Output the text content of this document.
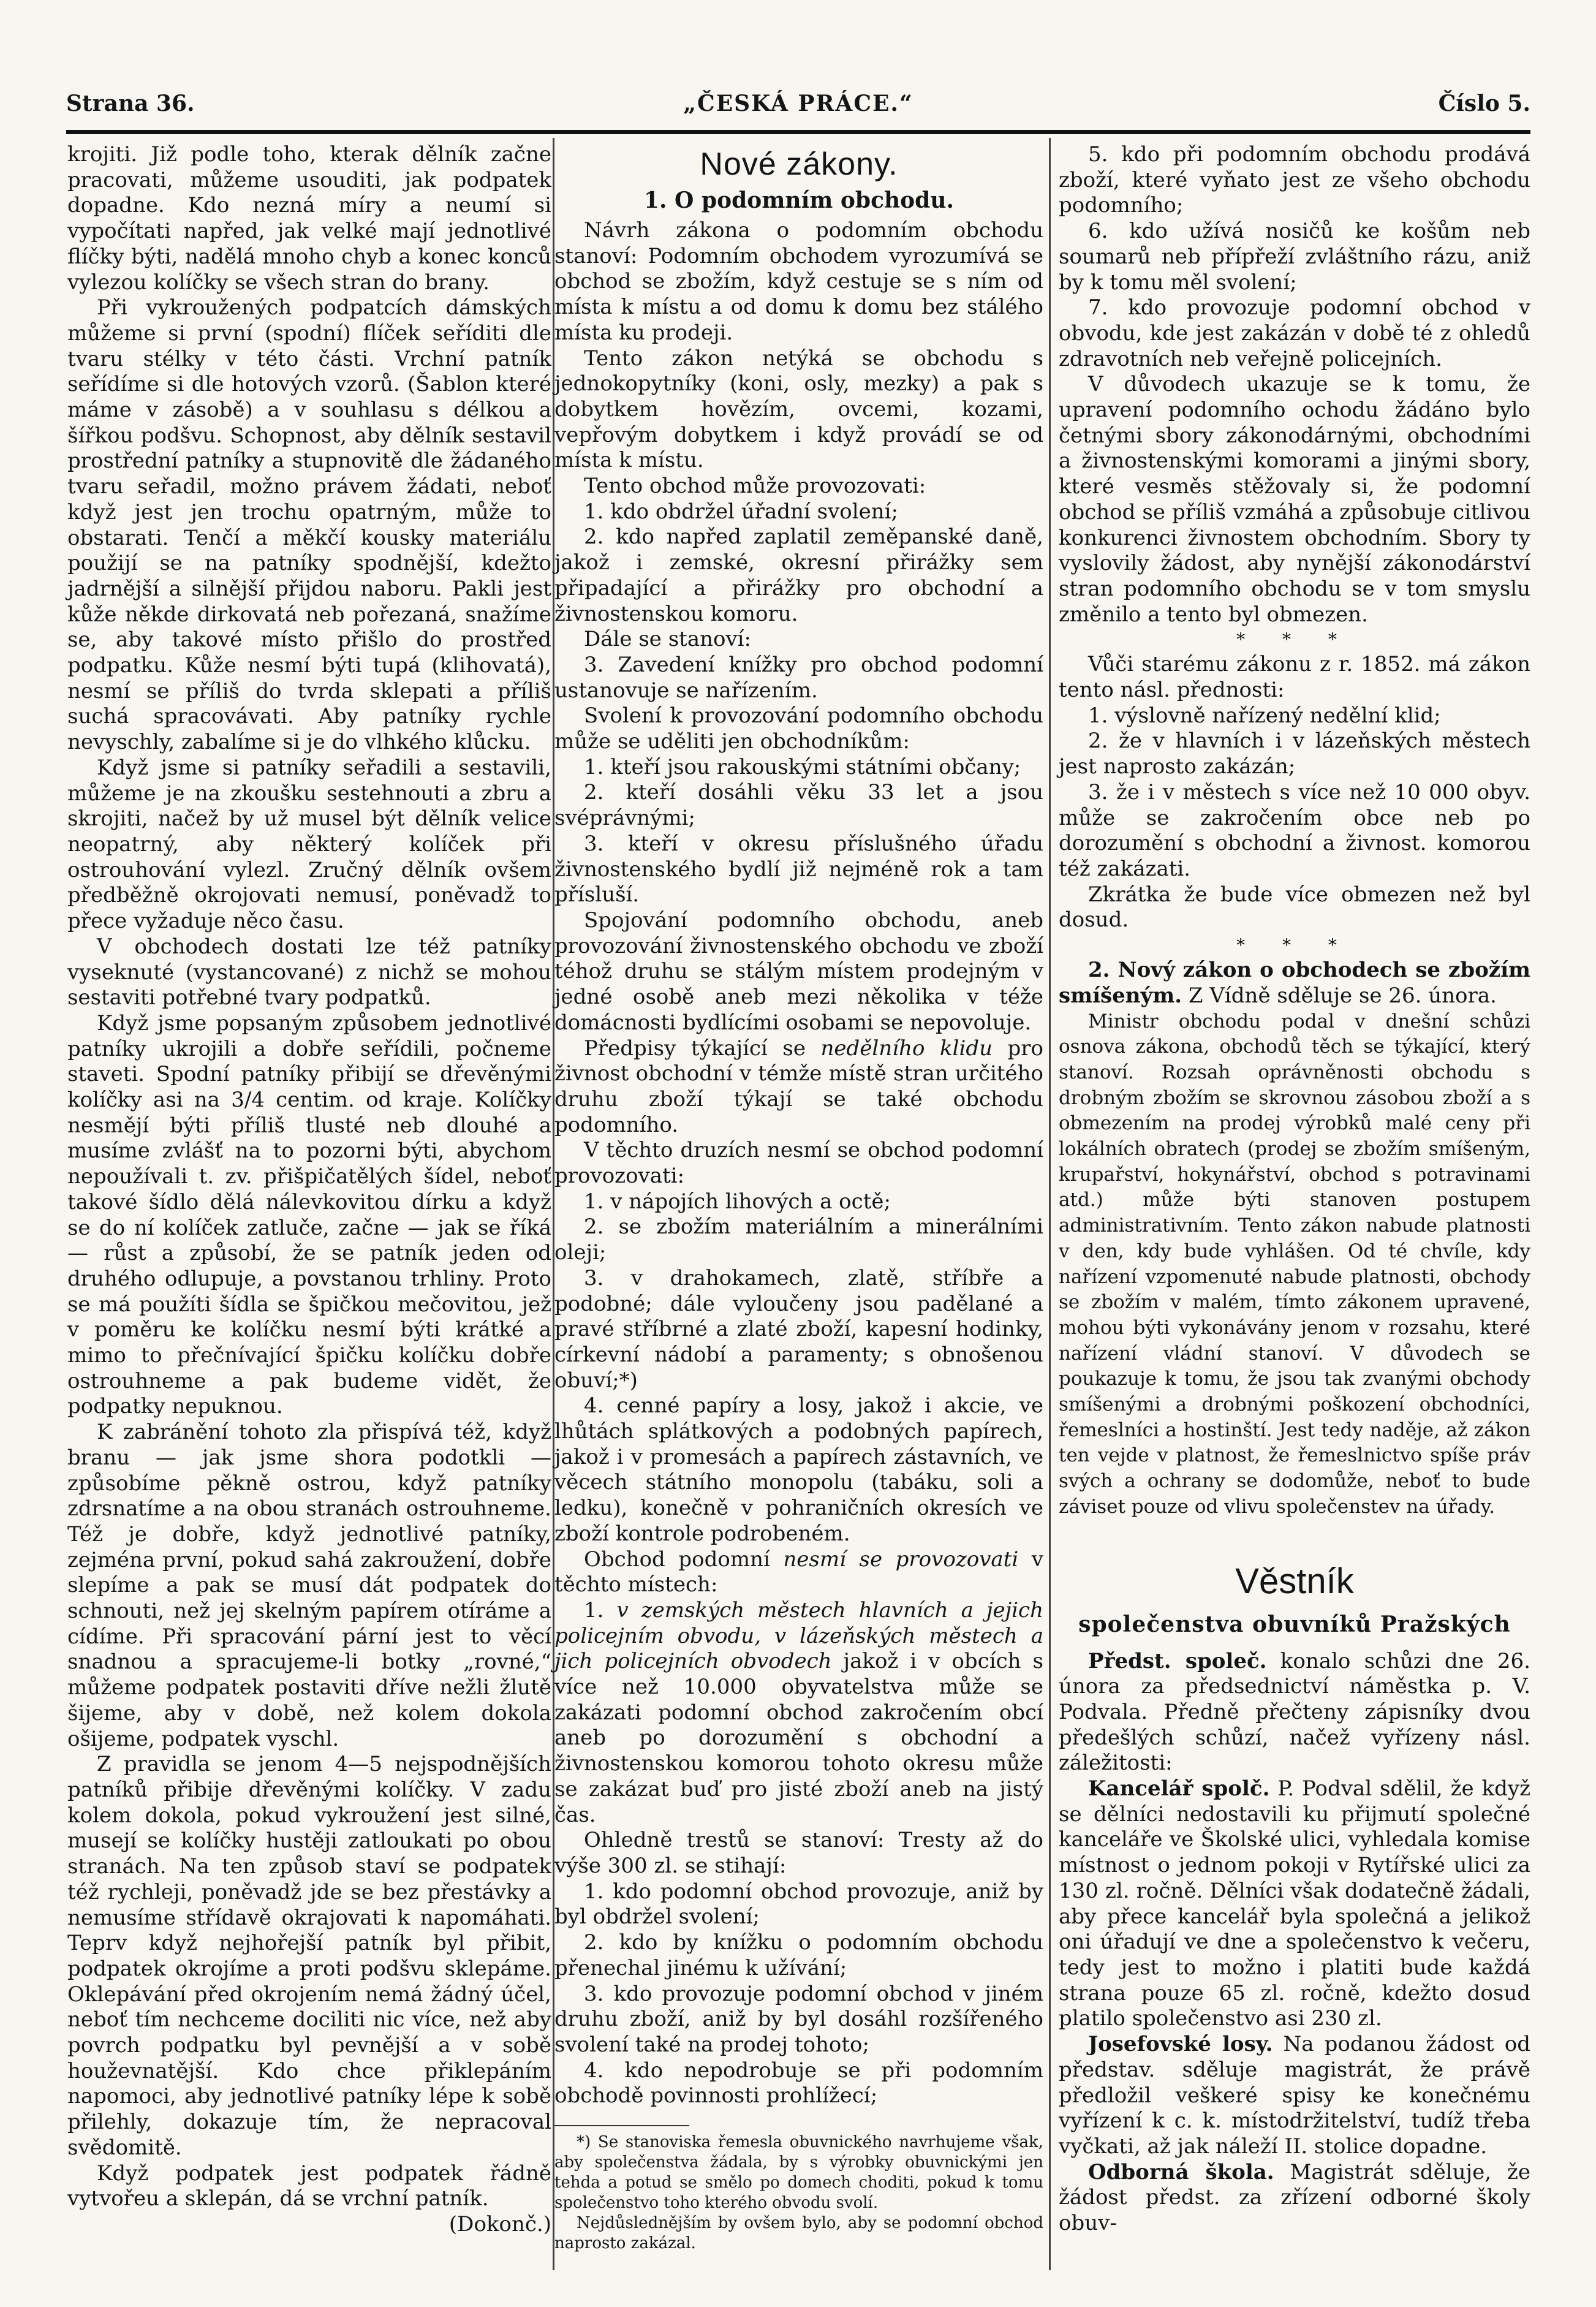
Strana 36.	„ČESKÁ PRÁCE.“	Číslo 5.

krojiti. Již podle toho, kterak dělník začne pracovati, můžeme usouditi, jak podpatek dopadne. Kdo nezná míry a neumí si vypočítati napřed, jak velké mají jednotlivé flíčky býti, nadělá mnoho chyb a konec konců vylezou kolíčky se všech stran do brany.

Při vykroužených podpatcích dámských můžeme si první (spodní) flíček seříditi dle tvaru stélky v této části. Vrchní patník seřídíme si dle hotových vzorů. (Šablon které máme v zásobě) a v souhlasu s délkou a šířkou podšvu. Schopnost, aby dělník sestavil prostřední patníky a stupnovitě dle žádaného tvaru seřadil, možno právem žádati, neboť když jest jen trochu opatrným, může to obstarati. Tenčí a měkčí kousky materiálu použijí se na patníky spodnější, kdežto jadrnější a silnější přijdou naboru. Pakli jest kůže někde dirkovatá neb pořezaná, snažíme se, aby takové místo přišlo do prostřed podpatku. Kůže nesmí býti tupá (klihovatá), nesmí se příliš do tvrda sklepati a příliš suchá spracovávati. Aby patníky rychle nevyschly, zabalíme si je do vlhkého klůcku.

Když jsme si patníky seřadili a sestavili, můžeme je na zkoušku sestehnouti a zbru a skrojiti, načež by už musel být dělník velice neopatrný, aby některý kolíček při ostrouhování vylezl. Zručný dělník ovšem předběžně okrojovati nemusí, poněvadž to přece vyžaduje něco času.

V obchodech dostati lze též patníky vyseknuté (vystancované) z nichž se mohou sestaviti potřebné tvary podpatků.

Když jsme popsaným způsobem jednotlivé patníky ukrojili a dobře seřídili, počneme staveti. Spodní patníky přibijí se dřevěnými kolíčky asi na 3/4 centim. od kraje. Kolíčky nesmějí býti příliš tlusté neb dlouhé a musíme zvlášť na to pozorni býti, abychom nepoužívali t. zv. přišpičatělých šídel, neboť takové šídlo dělá nálevkovitou dírku a když se do ní kolíček zatluče, začne — jak se říká — růst a způsobí, že se patník jeden od druhého odlupuje, a povstanou trhliny. Proto se má použíti šídla se špičkou mečovitou, jež v poměru ke kolíčku nesmí býti krátké a mimo to přečnívající špičku kolíčku dobře ostrouhneme a pak budeme vidět, že podpatky nepuknou.

K zabránění tohoto zla přispívá též, když branu — jak jsme shora podotkli — způsobíme pěkně ostrou, když patníky zdrsnatíme a na obou stranách ostrouhneme. Též je dobře, když jednotlivé patníky, zejména první, pokud sahá zakroužení, dobře slepíme a pak se musí dát podpatek do schnouti, než jej skelným papírem otíráme a cídíme. Při spracování pární jest to věcí snadnou a spracujeme-li botky „rovné,“ můžeme podpatek postaviti dříve nežli žlutě šijeme, aby v době, než kolem dokola ošijeme, podpatek vyschl.

Z pravidla se jenom 4—5 nejspodnějších patníků přibije dřevěnými kolíčky. V zadu kolem dokola, pokud vykroužení jest silné, musejí se kolíčky hustěji zatloukati po obou stranách. Na ten způsob staví se podpatek též rychleji, poněvadž jde se bez přestávky a nemusíme střídavě okrajovati k napomáhati. Teprv když nejhořejší patník byl přibit, podpatek okrojíme a proti podšvu sklepáme. Oklepávání před okrojením nemá žádný účel, neboť tím nechceme dociliti nic více, než aby povrch podpatku byl pevnější a v sobě houževnatější. Kdo chce přiklepáním napomoci, aby jednotlivé patníky lépe k sobě přilehly, dokazuje tím, že nepracoval svědomitě.

Když podpatek jest podpatek řádně vytvořeu a sklepán, dá se vrchní patník.
(Dokonč.)

Nové zákony.
1. O podomním obchodu.

Návrh zákona o podomním obchodu stanoví: Podomním obchodem vyrozumívá se obchod se zbožím, když cestuje se s ním od místa k místu a od domu k domu bez stálého místa ku prodeji.

Tento zákon netýká se obchodu s jednokopytníky (koni, osly, mezky) a pak s dobytkem hovězím, ovcemi, kozami, vepřovým dobytkem i když provádí se od místa k místu.

Tento obchod může provozovati:

1. kdo obdržel úřadní svolení;

2. kdo napřed zaplatil zeměpanské daně, jakož i zemské, okresní přirážky sem připadající a přirážky pro obchodní a živnostenskou komoru.

Dále se stanoví:

3. Zavedení knížky pro obchod podomní ustanovuje se nařízením.

Svolení k provozování podomního obchodu může se uděliti jen obchodníkům:

1. kteří jsou rakouskými státními občany;

2. kteří dosáhli věku 33 let a jsou svéprávnými;

3. kteří v okresu příslušného úřadu živnostenského bydlí již nejméně rok a tam přísluší.

Spojování podomního obchodu, aneb provozování živnostenského obchodu ve zboží téhož druhu se stálým místem prodejným v jedné osobě aneb mezi několika v téže domácnosti bydlícími osobami se nepovoluje.

Předpisy týkající se nedělního klidu pro živnost obchodní v témže místě stran určitého druhu zboží týkají se také obchodu podomního.

V těchto druzích nesmí se obchod podomní provozovati:

1. v nápojích lihových a octě;

2. se zbožím materiálním a minerálními oleji;

3. v drahokamech, zlatě, stříbře a podobné; dále vyloučeny jsou padělané a pravé stříbrné a zlaté zboží, kapesní hodinky, církevní nádobí a paramenty; s obnošenou obuví;*)

4. cenné papíry a losy, jakož i akcie, ve lhůtách splátkových a podobných papírech, jakož i v promesách a papírech zástavních, ve věcech státního monopolu (tabáku, soli a ledku), konečně v pohraničních okresích ve zboží kontrole podrobeném.

Obchod podomní nesmí se provozovati v těchto místech:

1. v zemských městech hlavních a jejich policejním obvodu, v lázeňských městech a jich policejních obvodech jakož i v obcích s více než 10.000 obyvatelstva může se zakázati podomní obchod zakročením obcí aneb po dorozumění s obchodní a živnostenskou komorou tohoto okresu může se zakázat buď pro jisté zboží aneb na jistý čas.

Ohledně trestů se stanoví: Tresty až do výše 300 zl. se stihají:

1. kdo podomní obchod provozuje, aniž by byl obdržel svolení;

2. kdo by knížku o podomním obchodu přenechal jinému k užívání;

3. kdo provozuje podomní obchod v jiném druhu zboží, aniž by byl dosáhl rozšířeného svolení také na prodej tohoto;

4. kdo nepodrobuje se při podomním obchodě povinnosti prohlížecí;

*) Se stanoviska řemesla obuvnického navrhujeme však, aby společenstva žádala, by s výrobky obuvnickými jen tehda a potud se smělo po domech choditi, pokud k tomu společenstvo toho kterého obvodu svolí.

Nejdůslednějším by ovšem bylo, aby se podomní obchod naprosto zakázal.

5. kdo při podomním obchodu prodává zboží, které vyňato jest ze všeho obchodu podomního;

6. kdo užívá nosičů ke košům neb soumarů neb přípřeží zvláštního rázu, aniž by k tomu měl svolení;

7. kdo provozuje podomní obchod v obvodu, kde jest zakázán v době té z ohledů zdravotních neb veřejně policejních.

V důvodech ukazuje se k tomu, že upravení podomního ochodu žádáno bylo četnými sbory zákonodárnými, obchodními a živnostenskými komorami a jinými sbory, které vesměs stěžovaly si, že podomní obchod se příliš vzmáhá a způsobuje citlivou konkurenci živnostem obchodním. Sbory ty vyslovily žádost, aby nynější zákonodárství stran podomního obchodu se v tom smyslu změnilo a tento byl obmezen.

* * *

Vůči starému zákonu z r. 1852. má zákon tento násl. přednosti:

1. výslovně nařízený nedělní klid;

2. že v hlavních i v lázeňských městech jest naprosto zakázán;

3. že i v městech s více než 10 000 obyv. může se zakročením obce neb po dorozumění s obchodní a živnost. komorou též zakázati.

Zkrátka že bude více obmezen než byl dosud.

* * *

2. Nový zákon o obchodech se zbožím smíšeným. Z Vídně sděluje se 26. února.

Ministr obchodu podal v dnešní schůzi osnova zákona, obchodů těch se týkající, který stanoví. Rozsah oprávněnosti obchodu s drobným zbožím se skrovnou zásobou zboží a s obmezením na prodej výrobků malé ceny při lokálních obratech (prodej se zbožím smíšeným, krupařství, hokynářství, obchod s potravinami atd.) může býti stanoven postupem administrativním. Tento zákon nabude platnosti v den, kdy bude vyhlášen. Od té chvíle, kdy nařízení vzpomenuté nabude platnosti, obchody se zbožím v malém, tímto zákonem upravené, mohou býti vykonávány jenom v rozsahu, které nařízení vládní stanoví. V důvodech se poukazuje k tomu, že jsou tak zvanými obchody smíšenými a drobnými poškození obchodníci, řemeslníci a hostinští. Jest tedy naděje, až zákon ten vejde v platnost, že řemeslnictvo spíše práv svých a ochrany se dodomůže, neboť to bude záviset pouze od vlivu společenstev na úřady.

Věstník
společenstva obuvníků Pražských

Předst. společ. konalo schůzi dne 26. února za předsednictví náměstka p. V. Podvala. Předně přečteny zápisníky dvou předešlých schůzí, načež vyřízeny násl. záležitosti:

Kancelář spolč. P. Podval sdělil, že když se dělníci nedostavili ku přijmutí společné kanceláře ve Školské ulici, vyhledala komise místnost o jednom pokoji v Rytířské ulici za 130 zl. ročně. Dělníci však dodatečně žádali, aby přece kancelář byla společná a jelikož oni úřadují ve dne a společenstvo k večeru, tedy jest to možno i platiti bude každá strana pouze 65 zl. ročně, kdežto dosud platilo společenstvo asi 230 zl.

Josefovské losy. Na podanou žádost od představ. sděluje magistrát, že právě předložil veškeré spisy ke konečnému vyřízení k c. k. místodržitelství, tudíž třeba vyčkati, až jak náleží II. stolice dopadne.

Odborná škola. Magistrát sděluje, že žádost předst. za zřízení odborné školy obuv-
